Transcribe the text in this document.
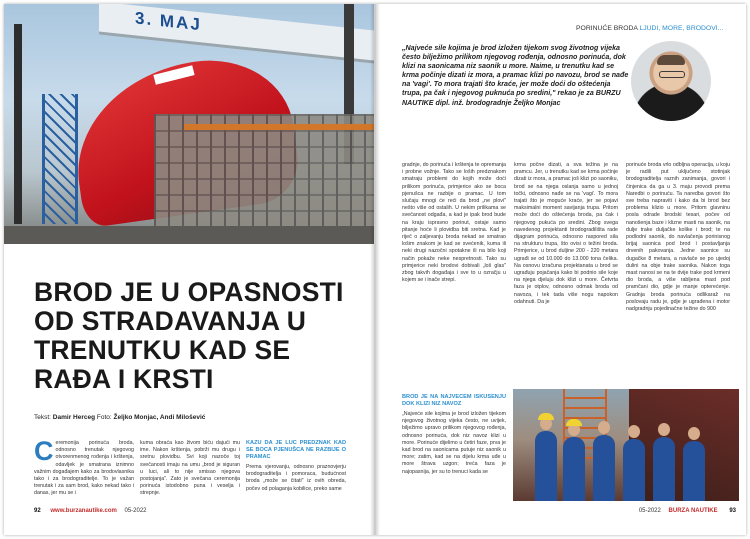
3. MAJ
BROD JE U OPASNOSTI OD STRADAVANJA U TRENUTKU KAD SE RAĐA I KRSTI
Tekst: Damir Herceg Foto: Željko Monjac, Andi Milošević
C eremonija porinuća broda, odnosno trenutak njegovog otvorenmenog rođenja i krštenja, odavljek je smatrana iznimno važnim događajem kako za brodovlasnika tako i za brodograditelje. To je važan trenutak i za sam brod, kako nekad tako i danas, jer mu se i
kuma obraća kao živom biću dajući mu ime. Nakon krštenja, pobrži mu drugu i sretnu plovidbu. Svi koji nazoče toj svečanosti imaju na umu „brod je siguran u luci, ali to nije smisao njegova postojanja". Zato je svečana ceremonija porinuća istodobno puna i veselja i strepnje.
KAŽU DA JE LUČ PREDZNAK KAD SE BOCA PJENUŠCA NE RAZBIJE O PRAMAC
Prema vjerovanju, odnosno praznovjerju brodograditelja i pomoraca, budućnost broda „može se čitati" iz ovih obreda, počev od polaganja kobilice, preko same
92 www.burzanautike.com 05-2022
PORINUĆE BRODA LJUDI, MORE, BRODOVI...
„Najveće sile kojima je brod izložen tijekom svog životnog vijeka često bilježimo prilikom njegovog rođenja, odnosno porinuća, dok klizi na saonicama niz saonik u more. Naime, u trenutku kad se krma počinje dizati iz mora, a pramac klizi po navozu, brod se nađe na 'vagi'. To mora trajati što kraće, jer može doći do oštećenja trupa, pa čak i njegovog puknuća po sredini," rekao je za BURZU NAUTIKE dipl. inž. brodogradnje Željko Monjac
gradnje, do porinuća i krštenja te opremanja i probne vožnje. Tako se loših predznakom smatraju problemi do kojih može doći prilikom porinuća, primjerice ako se boca pjenušca ne razbije o pramac. U tom slučaju mnogi će reći da brod „ne plovi" nešto više od ostalih. U nekim prilikama se svečanost odgađa, a kad je ipak brod bude na kraju ispravno porinut, ostaje samo pitanje hoće li plovidba biti sretna. Kad je riječ o zaljevanju broda nekad se smatrao lošim znakom je kad se svećenik, kuma ili neki drugi nazočni spotakne ili na bilo koji način pokaže neke nespretnosti. Tako su primjerice neki brodovi dobivali „loš glas" zbog takvih događaja i sve to u ozračju u kojem se i inače strepi.
krma počne dizati, a sva težina je na pramcu. Jer, u trenutku kad se krma počinje dizati iz mora, a pramac još klizi po saoniku, brod se na njega oslanja samo u jednoj točki, odnosno nađe se na 'vagi'. To mora trajati što je moguće kraće, jer se pojavi maksimalni moment savijanja trupa. Pritom može doći do oštećenja broda, pa čak i njegovog pukuća po sredini. Zbog svega navedenog projektanti brodogradilišta rade dijagram porinuća, odnosno raspored sila na strukturu trupa, što ovisi o težini broda. Primjerice, u brod duljine 200 - 220 metara ugrađi se od 10.000 do 13.000 tona čelika. Na osnovu izračuna projektanata u brod se ugrađuju pojačanja kako bi podnio sile koje na njega djeluju dok klizi u more. Četvrta faza je otplov, odnosno odmak broda od navoza, i tek tada više nogu napokon odahnuti. Da je
porinuće broda vrlo odbljna operacija, u koju je radili put uključeno stotinjak brodograditelja raznih zanimanja, govori i činjenica da ga u 3. maju provodi prema Naredbi o porinuću. Ta naredba govori što sve treba napraviti i kako da bi brod bez problema klizio u more. Pritom glavninu posla odrade brodski tesari, počev od nanošenja baze i klizne masti na saonik, na dulje trake duljačke kolike i brod; te na podlodni saonik, do navlačenja porinisnog brijaj saonica pod brod i postavljanja drvenih pakovanja. Jedne saonice su dugačke 8 metara, a navlače se po ujedoj dulini na obje trake saonika. Nakon toga mast nanosi se na te dvije trake pod krmeni dio broda, a više rabljena mast pod pramčani dio, gdje je manje opterećenje. Gradnja broda porinuća odlikaraž na poslovaju radu je, gdje je ugrađena i motor nadgradnju pojedinačne težine do 900
BROD JE NA NAJVEĆEM ISKUŠENJU DOK KLIZI NIZ NAVOZ
„Najveće sile kojima je brod izložen tijekom njegovog životnog vijeka često, ne uvijek, bilježimo upravo prilikom njegovog rođenja, odnosno porinuća, dok niz navoz klizi u more. Porinuće dijelimo u četiri faze, prva je kad brod na saonicama putuje niz saonik u more; zatim, kad se na dijelu krma uđe u more štrava uzgon; treća faza je najopasnija, jer su to trenuci kada se
05-2022 BURZA NAUTIKE 93
